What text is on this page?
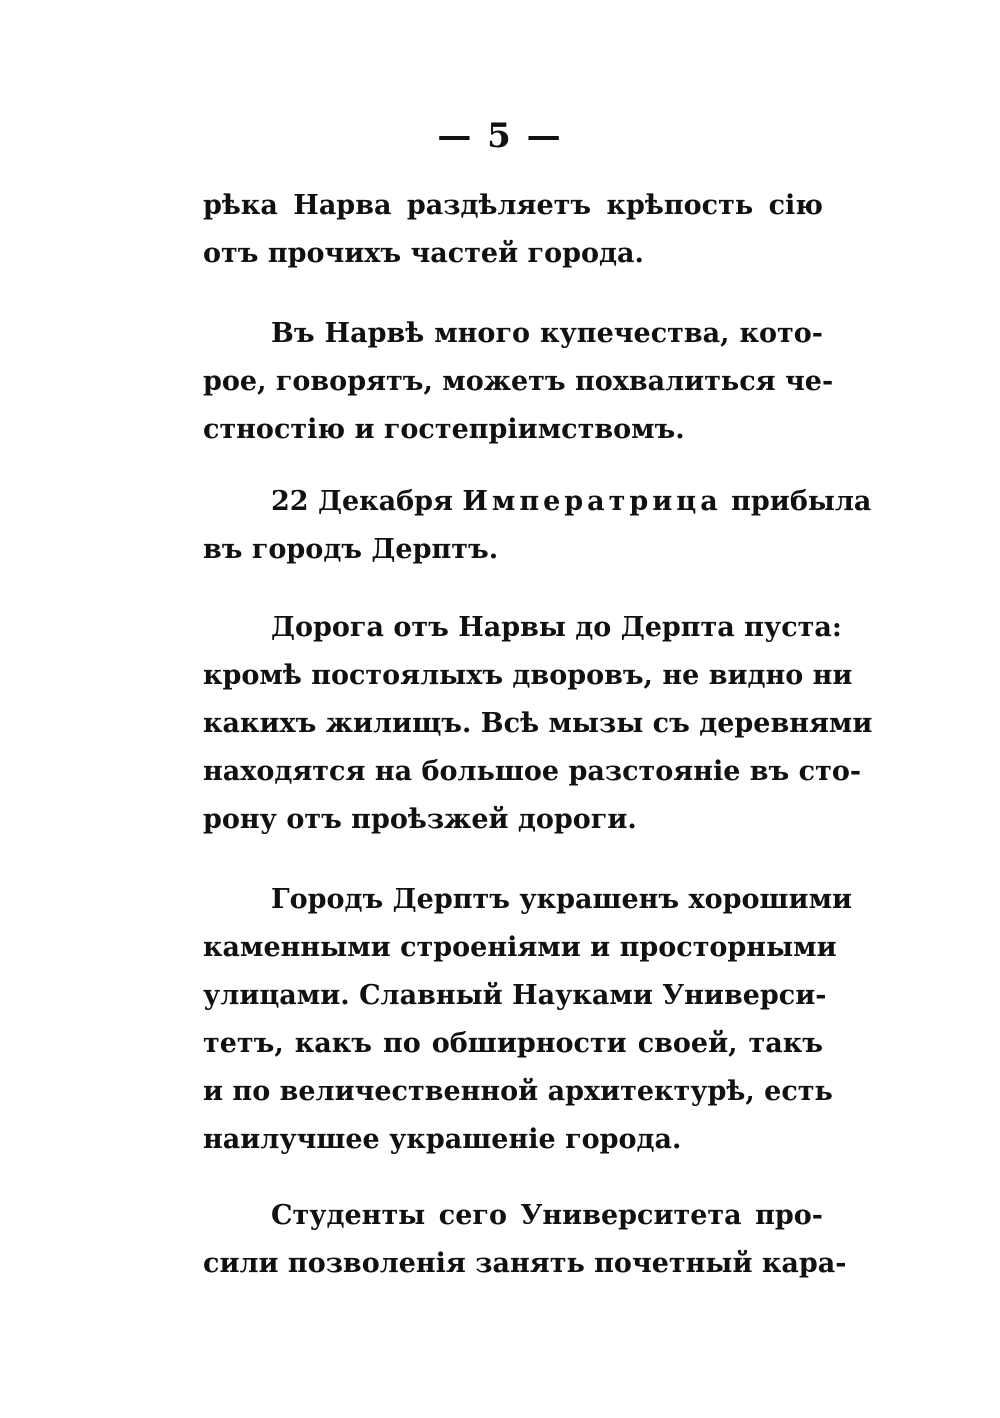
— 5 —
рѣка Нарва раздѣляетъ крѣпость сію
отъ прочихъ частей города.
Въ Нарвѣ много купечества, кото-
рое, говорятъ, можетъ похвалиться че-
стностію и гостепріимствомъ.
22 Декабря Императрица прибыла
въ городъ Дерптъ.
Дорога отъ Нарвы до Дерпта пуста:
кромѣ постоялыхъ дворовъ, не видно ни
какихъ жилищъ. Всѣ мызы съ деревнями
находятся на большое разстояніе въ сто-
рону отъ проѣзжей дороги.
Городъ Дерптъ украшенъ хорошими
каменными строеніями и просторными
улицами. Славный Науками Универси-
тетъ, какъ по обширности своей, такъ
и по величественной архитектурѣ, есть
наилучшее украшеніе города.
Студенты сего Университета про-
сили позволенія занять почетный кара-
